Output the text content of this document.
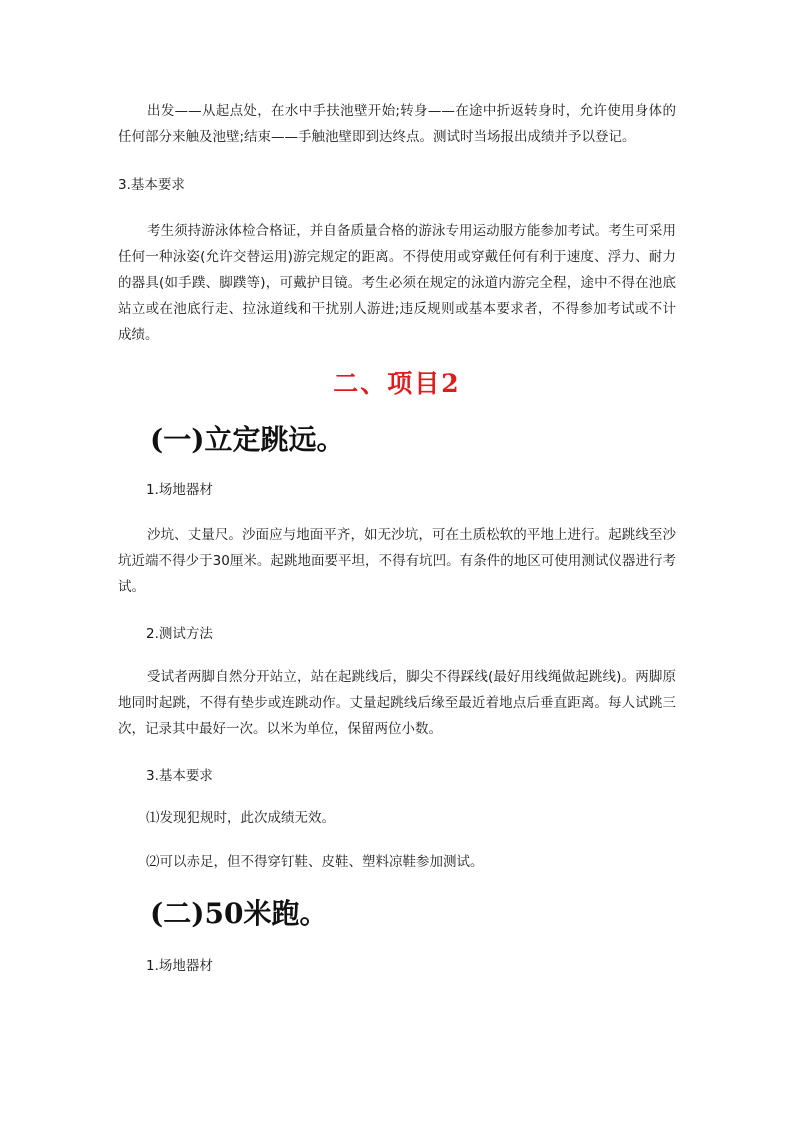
出发——从起点处，在水中手扶池壁开始;转身——在途中折返转身时，允许使用身体的任何部分来触及池壁;结束——手触池壁即到达终点。测试时当场报出成绩并予以登记。

3.基本要求

考生须持游泳体检合格证，并自备质量合格的游泳专用运动服方能参加考试。考生可采用任何一种泳姿(允许交替运用)游完规定的距离。不得使用或穿戴任何有利于速度、浮力、耐力的器具(如手蹼、脚蹼等)，可戴护目镜。考生必须在规定的泳道内游完全程，途中不得在池底站立或在池底行走、拉泳道线和干扰别人游进;违反规则或基本要求者，不得参加考试或不计成绩。

二、项目2
(一)立定跳远。

1.场地器材

沙坑、丈量尺。沙面应与地面平齐，如无沙坑，可在土质松软的平地上进行。起跳线至沙坑近端不得少于30厘米。起跳地面要平坦，不得有坑凹。有条件的地区可使用测试仪器进行考试。

2.测试方法

受试者两脚自然分开站立，站在起跳线后，脚尖不得踩线(最好用线绳做起跳线)。两脚原地同时起跳，不得有垫步或连跳动作。丈量起跳线后缘至最近着地点后垂直距离。每人试跳三次，记录其中最好一次。以米为单位，保留两位小数。

3.基本要求

⑴发现犯规时，此次成绩无效。

⑵可以赤足，但不得穿钉鞋、皮鞋、塑料凉鞋参加测试。

(二)50米跑。

1.场地器材
